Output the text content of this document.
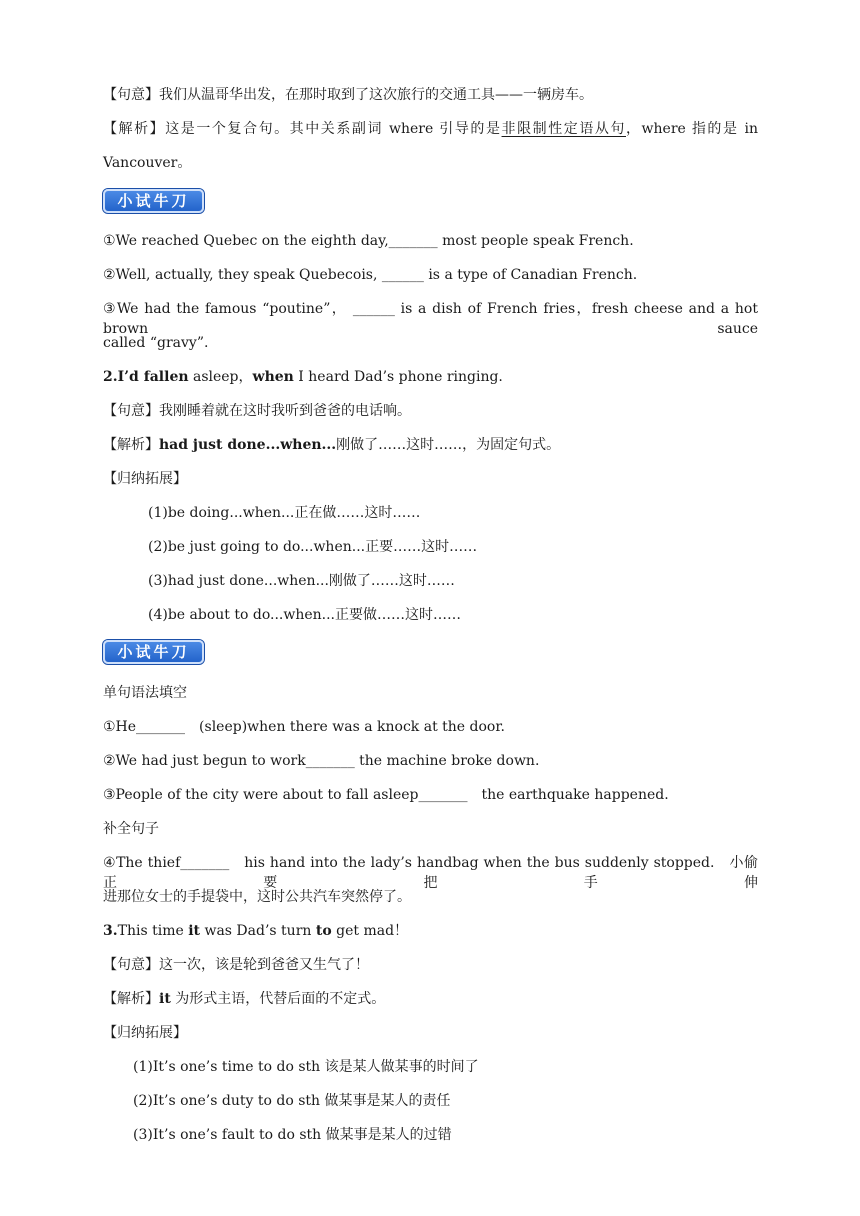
【句意】我们从温哥华出发，在那时取到了这次旅行的交通工具——一辆房车。
【解析】这是一个复合句。其中关系副词 where 引导的是非限制性定语从句，where 指的是 in
Vancouver。
小试牛刀
①We reached Quebec on the eighth day,_______ most people speak French.
②Well, actually, they speak Quebecois, ______ is a type of Canadian French.
③We had the famous “poutine”， ______ is a dish of French fries，fresh cheese and a hot brown sauce
called “gravy”.
2.I’d fallen asleep，when I heard Dad’s phone ringing.
【句意】我刚睡着就在这时我听到爸爸的电话响。
【解析】had just done...when...刚做了……这时……，为固定句式。
【归纳拓展】
(1)be doing...when...正在做……这时……
(2)be just going to do...when...正要……这时……
(3)had just done...when...刚做了……这时……
(4)be about to do...when...正要做……这时……
小试牛刀
单句语法填空
①He_______　(sleep)when there was a knock at the door.
②We had just begun to work_______ the machine broke down.
③People of the city were about to fall asleep_______　the earthquake happened.
补全句子
④The thief_______　his hand into the lady’s handbag when the bus suddenly stopped.　小偷正要把手伸
进那位女士的手提袋中，这时公共汽车突然停了。
3.This time it was Dad’s turn to get mad！
【句意】这一次，该是轮到爸爸又生气了！
【解析】it 为形式主语，代替后面的不定式。
【归纳拓展】
(1)It’s one’s time to do sth 该是某人做某事的时间了
(2)It’s one’s duty to do sth 做某事是某人的责任
(3)It’s one’s fault to do sth 做某事是某人的过错
